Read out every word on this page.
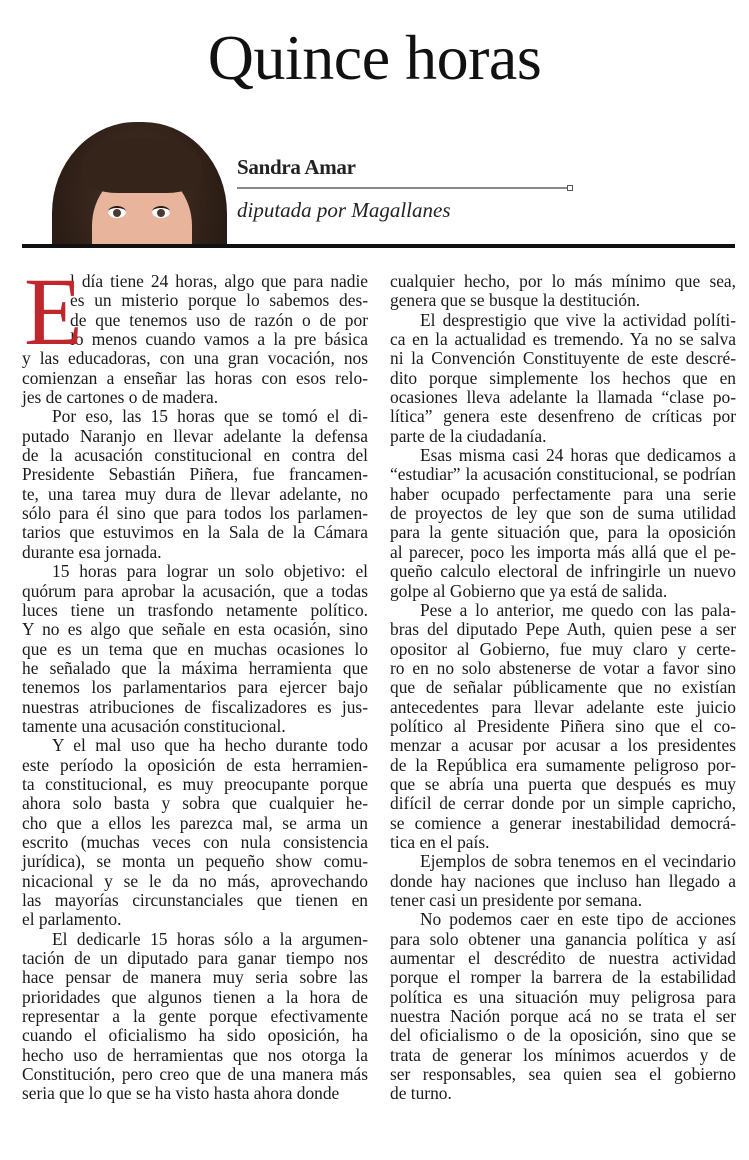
Quince horas
Sandra Amar
diputada por Magallanes
E
l día tiene 24 horas, algo que para nadie
es un misterio porque lo sabemos des-
de que tenemos uso de razón o de por
lo menos cuando vamos a la pre básica
y las educadoras, con una gran vocación, nos
comienzan a enseñar las horas con esos relo-
jes de cartones o de madera.
Por eso, las 15 horas que se tomó el di-
putado Naranjo en llevar adelante la defensa
de la acusación constitucional en contra del
Presidente Sebastián Piñera, fue francamen-
te, una tarea muy dura de llevar adelante, no
sólo para él sino que para todos los parlamen-
tarios que estuvimos en la Sala de la Cámara
durante esa jornada.
15 horas para lograr un solo objetivo: el
quórum para aprobar la acusación, que a todas
luces tiene un trasfondo netamente político.
Y no es algo que señale en esta ocasión, sino
que es un tema que en muchas ocasiones lo
he señalado que la máxima herramienta que
tenemos los parlamentarios para ejercer bajo
nuestras atribuciones de fiscalizadores es jus-
tamente una acusación constitucional.
Y el mal uso que ha hecho durante todo
este período la oposición de esta herramien-
ta constitucional, es muy preocupante porque
ahora solo basta y sobra que cualquier he-
cho que a ellos les parezca mal, se arma un
escrito (muchas veces con nula consistencia
jurídica), se monta un pequeño show comu-
nicacional y se le da no más, aprovechando
las mayorías circunstanciales que tienen en
el parlamento.
El dedicarle 15 horas sólo a la argumen-
tación de un diputado para ganar tiempo nos
hace pensar de manera muy seria sobre las
prioridades que algunos tienen a la hora de
representar a la gente porque efectivamente
cuando el oficialismo ha sido oposición, ha
hecho uso de herramientas que nos otorga la
Constitución, pero creo que de una manera más
seria que lo que se ha visto hasta ahora donde
cualquier hecho, por lo más mínimo que sea,
genera que se busque la destitución.
El desprestigio que vive la actividad políti-
ca en la actualidad es tremendo. Ya no se salva
ni la Convención Constituyente de este descré-
dito porque simplemente los hechos que en
ocasiones lleva adelante la llamada “clase po-
lítica” genera este desenfreno de críticas por
parte de la ciudadanía.
Esas misma casi 24 horas que dedicamos a
“estudiar” la acusación constitucional, se podrían
haber ocupado perfectamente para una serie
de proyectos de ley que son de suma utilidad
para la gente situación que, para la oposición
al parecer, poco les importa más allá que el pe-
queño calculo electoral de infringirle un nuevo
golpe al Gobierno que ya está de salida.
Pese a lo anterior, me quedo con las pala-
bras del diputado Pepe Auth, quien pese a ser
opositor al Gobierno, fue muy claro y certe-
ro en no solo abstenerse de votar a favor sino
que de señalar públicamente que no existían
antecedentes para llevar adelante este juicio
político al Presidente Piñera sino que el co-
menzar a acusar por acusar a los presidentes
de la República era sumamente peligroso por-
que se abría una puerta que después es muy
difícil de cerrar donde por un simple capricho,
se comience a generar inestabilidad democrá-
tica en el país.
Ejemplos de sobra tenemos en el vecindario
donde hay naciones que incluso han llegado a
tener casi un presidente por semana.
No podemos caer en este tipo de acciones
para solo obtener una ganancia política y así
aumentar el descrédito de nuestra actividad
porque el romper la barrera de la estabilidad
política es una situación muy peligrosa para
nuestra Nación porque acá no se trata el ser
del oficialismo o de la oposición, sino que se
trata de generar los mínimos acuerdos y de
ser responsables, sea quien sea el gobierno
de turno.
